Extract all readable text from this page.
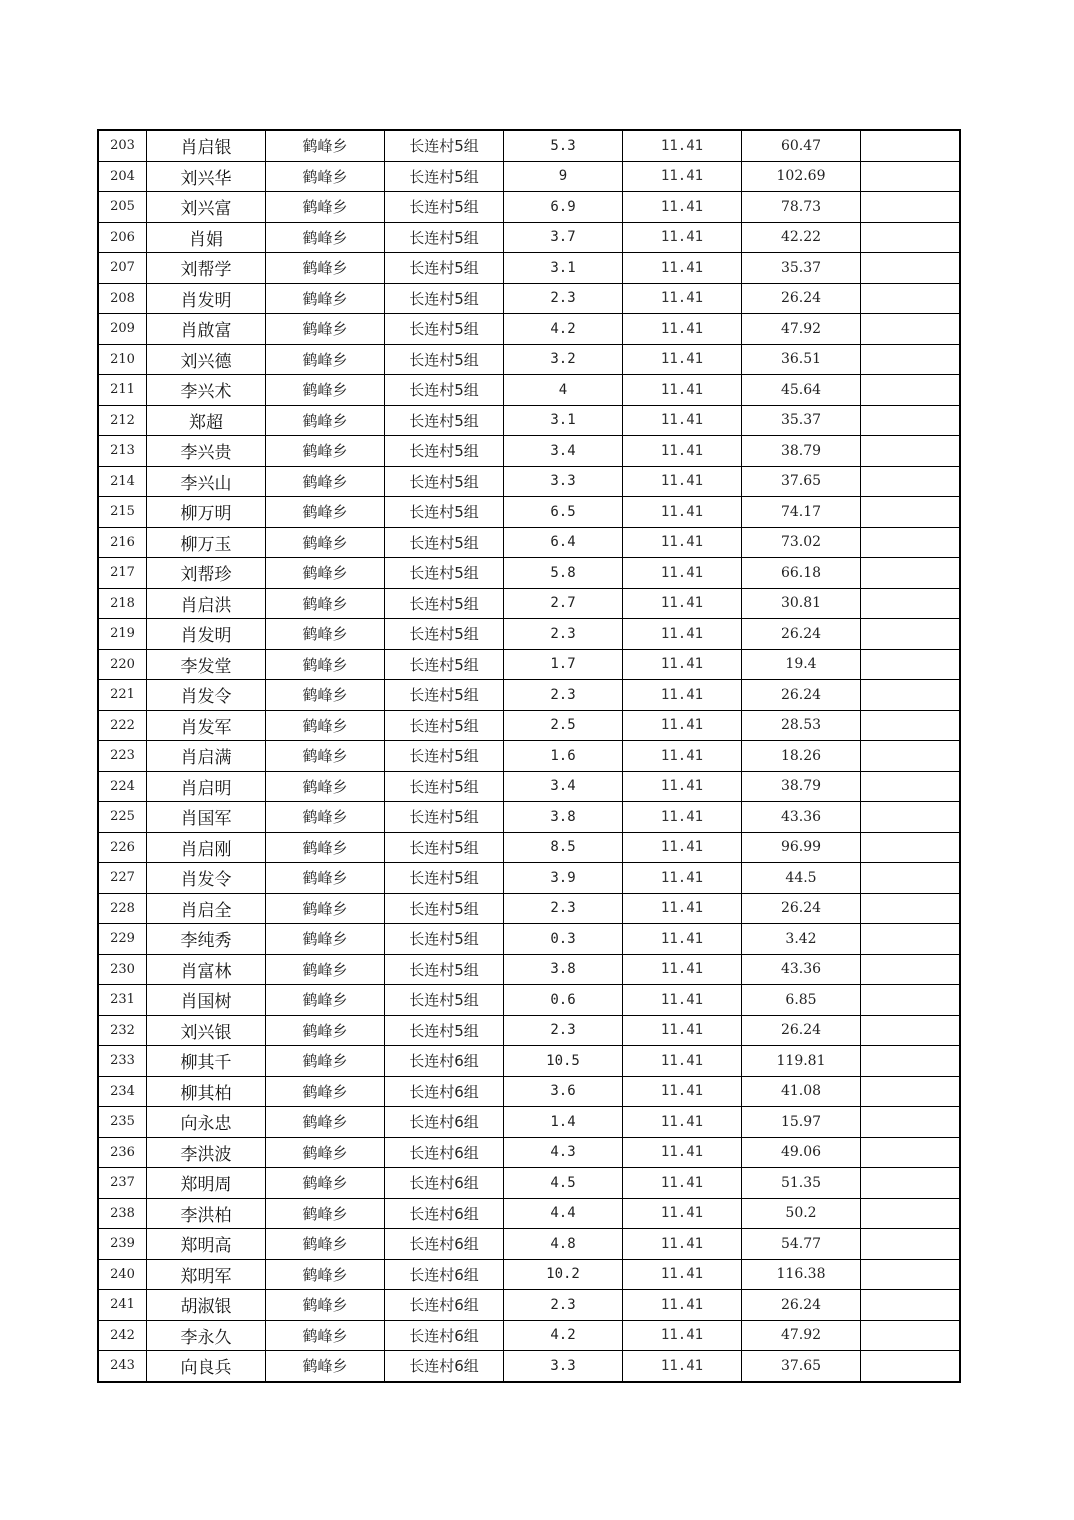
203	肖启银	鹤峰乡	长连村5组	5.3	11.41	60.47	
204	刘兴华	鹤峰乡	长连村5组	9	11.41	102.69	
205	刘兴富	鹤峰乡	长连村5组	6.9	11.41	78.73	
206	肖娟	鹤峰乡	长连村5组	3.7	11.41	42.22	
207	刘帮学	鹤峰乡	长连村5组	3.1	11.41	35.37	
208	肖发明	鹤峰乡	长连村5组	2.3	11.41	26.24	
209	肖啟富	鹤峰乡	长连村5组	4.2	11.41	47.92	
210	刘兴德	鹤峰乡	长连村5组	3.2	11.41	36.51	
211	李兴术	鹤峰乡	长连村5组	4	11.41	45.64	
212	郑超	鹤峰乡	长连村5组	3.1	11.41	35.37	
213	李兴贵	鹤峰乡	长连村5组	3.4	11.41	38.79	
214	李兴山	鹤峰乡	长连村5组	3.3	11.41	37.65	
215	柳万明	鹤峰乡	长连村5组	6.5	11.41	74.17	
216	柳万玉	鹤峰乡	长连村5组	6.4	11.41	73.02	
217	刘帮珍	鹤峰乡	长连村5组	5.8	11.41	66.18	
218	肖启洪	鹤峰乡	长连村5组	2.7	11.41	30.81	
219	肖发明	鹤峰乡	长连村5组	2.3	11.41	26.24	
220	李发堂	鹤峰乡	长连村5组	1.7	11.41	19.4	
221	肖发令	鹤峰乡	长连村5组	2.3	11.41	26.24	
222	肖发军	鹤峰乡	长连村5组	2.5	11.41	28.53	
223	肖启满	鹤峰乡	长连村5组	1.6	11.41	18.26	
224	肖启明	鹤峰乡	长连村5组	3.4	11.41	38.79	
225	肖国军	鹤峰乡	长连村5组	3.8	11.41	43.36	
226	肖启刚	鹤峰乡	长连村5组	8.5	11.41	96.99	
227	肖发令	鹤峰乡	长连村5组	3.9	11.41	44.5	
228	肖启全	鹤峰乡	长连村5组	2.3	11.41	26.24	
229	李纯秀	鹤峰乡	长连村5组	0.3	11.41	3.42	
230	肖富林	鹤峰乡	长连村5组	3.8	11.41	43.36	
231	肖国树	鹤峰乡	长连村5组	0.6	11.41	6.85	
232	刘兴银	鹤峰乡	长连村5组	2.3	11.41	26.24	
233	柳其千	鹤峰乡	长连村6组	10.5	11.41	119.81	
234	柳其柏	鹤峰乡	长连村6组	3.6	11.41	41.08	
235	向永忠	鹤峰乡	长连村6组	1.4	11.41	15.97	
236	李洪波	鹤峰乡	长连村6组	4.3	11.41	49.06	
237	郑明周	鹤峰乡	长连村6组	4.5	11.41	51.35	
238	李洪柏	鹤峰乡	长连村6组	4.4	11.41	50.2	
239	郑明高	鹤峰乡	长连村6组	4.8	11.41	54.77	
240	郑明军	鹤峰乡	长连村6组	10.2	11.41	116.38	
241	胡淑银	鹤峰乡	长连村6组	2.3	11.41	26.24	
242	李永久	鹤峰乡	长连村6组	4.2	11.41	47.92	
243	向良兵	鹤峰乡	长连村6组	3.3	11.41	37.65	
